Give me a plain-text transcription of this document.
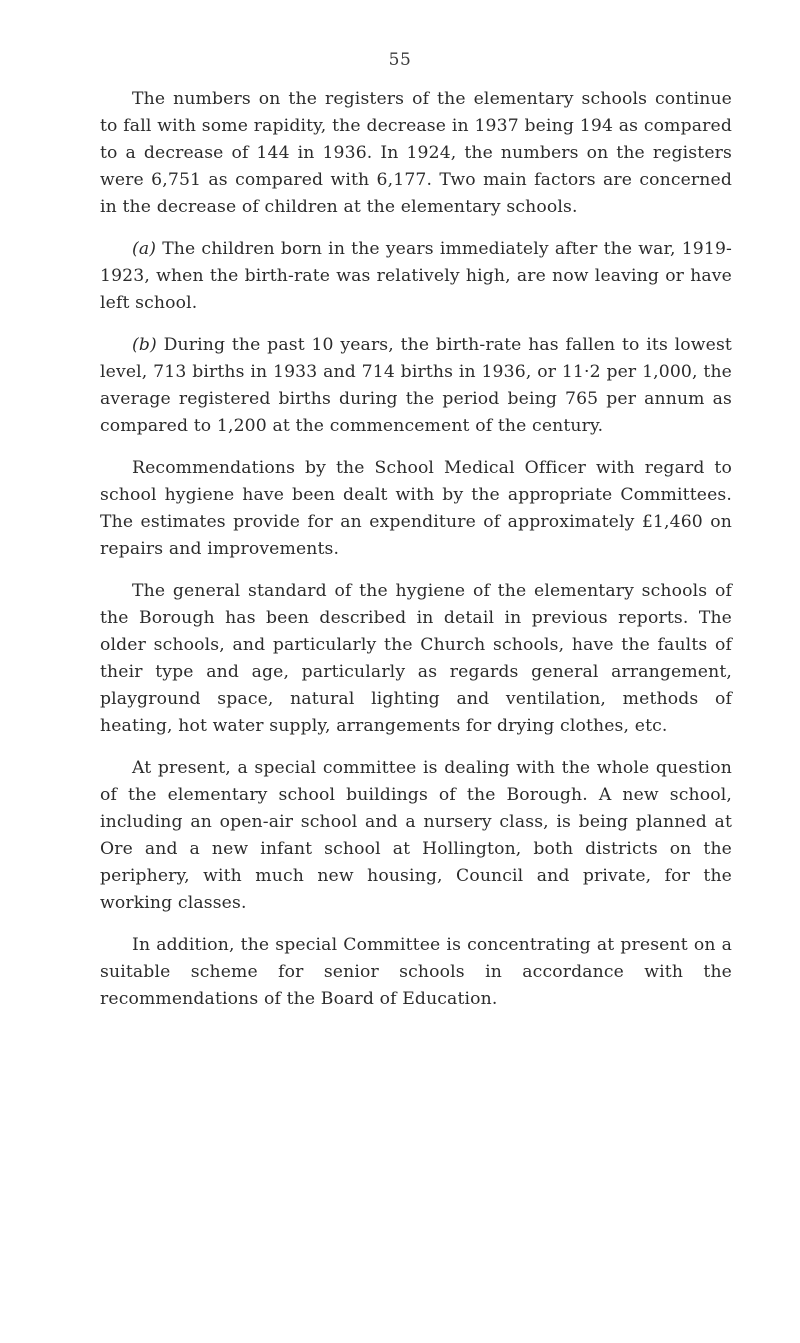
55

The numbers on the registers of the elementary schools continue to fall with some rapidity, the decrease in 1937 being 194 as compared to a decrease of 144 in 1936. In 1924, the numbers on the registers were 6,751 as compared with 6,177. Two main factors are concerned in the decrease of children at the elementary schools.

(a) The children born in the years immediately after the war, 1919-1923, when the birth-rate was relatively high, are now leaving or have left school.

(b) During the past 10 years, the birth-rate has fallen to its lowest level, 713 births in 1933 and 714 births in 1936, or 11·2 per 1,000, the average registered births during the period being 765 per annum as compared to 1,200 at the commencement of the century.

Recommendations by the School Medical Officer with regard to school hygiene have been dealt with by the appropriate Committees. The estimates provide for an expenditure of approximately £1,460 on repairs and improvements.

The general standard of the hygiene of the elementary schools of the Borough has been described in detail in previous reports. The older schools, and particularly the Church schools, have the faults of their type and age, particularly as regards general arrangement, playground space, natural lighting and ventilation, methods of heating, hot water supply, arrangements for drying clothes, etc.

At present, a special committee is dealing with the whole question of the elementary school buildings of the Borough. A new school, including an open-air school and a nursery class, is being planned at Ore and a new infant school at Hollington, both districts on the periphery, with much new housing, Council and private, for the working classes.

In addition, the special Committee is concentrating at present on a suitable scheme for senior schools in accordance with the recommendations of the Board of Education.
